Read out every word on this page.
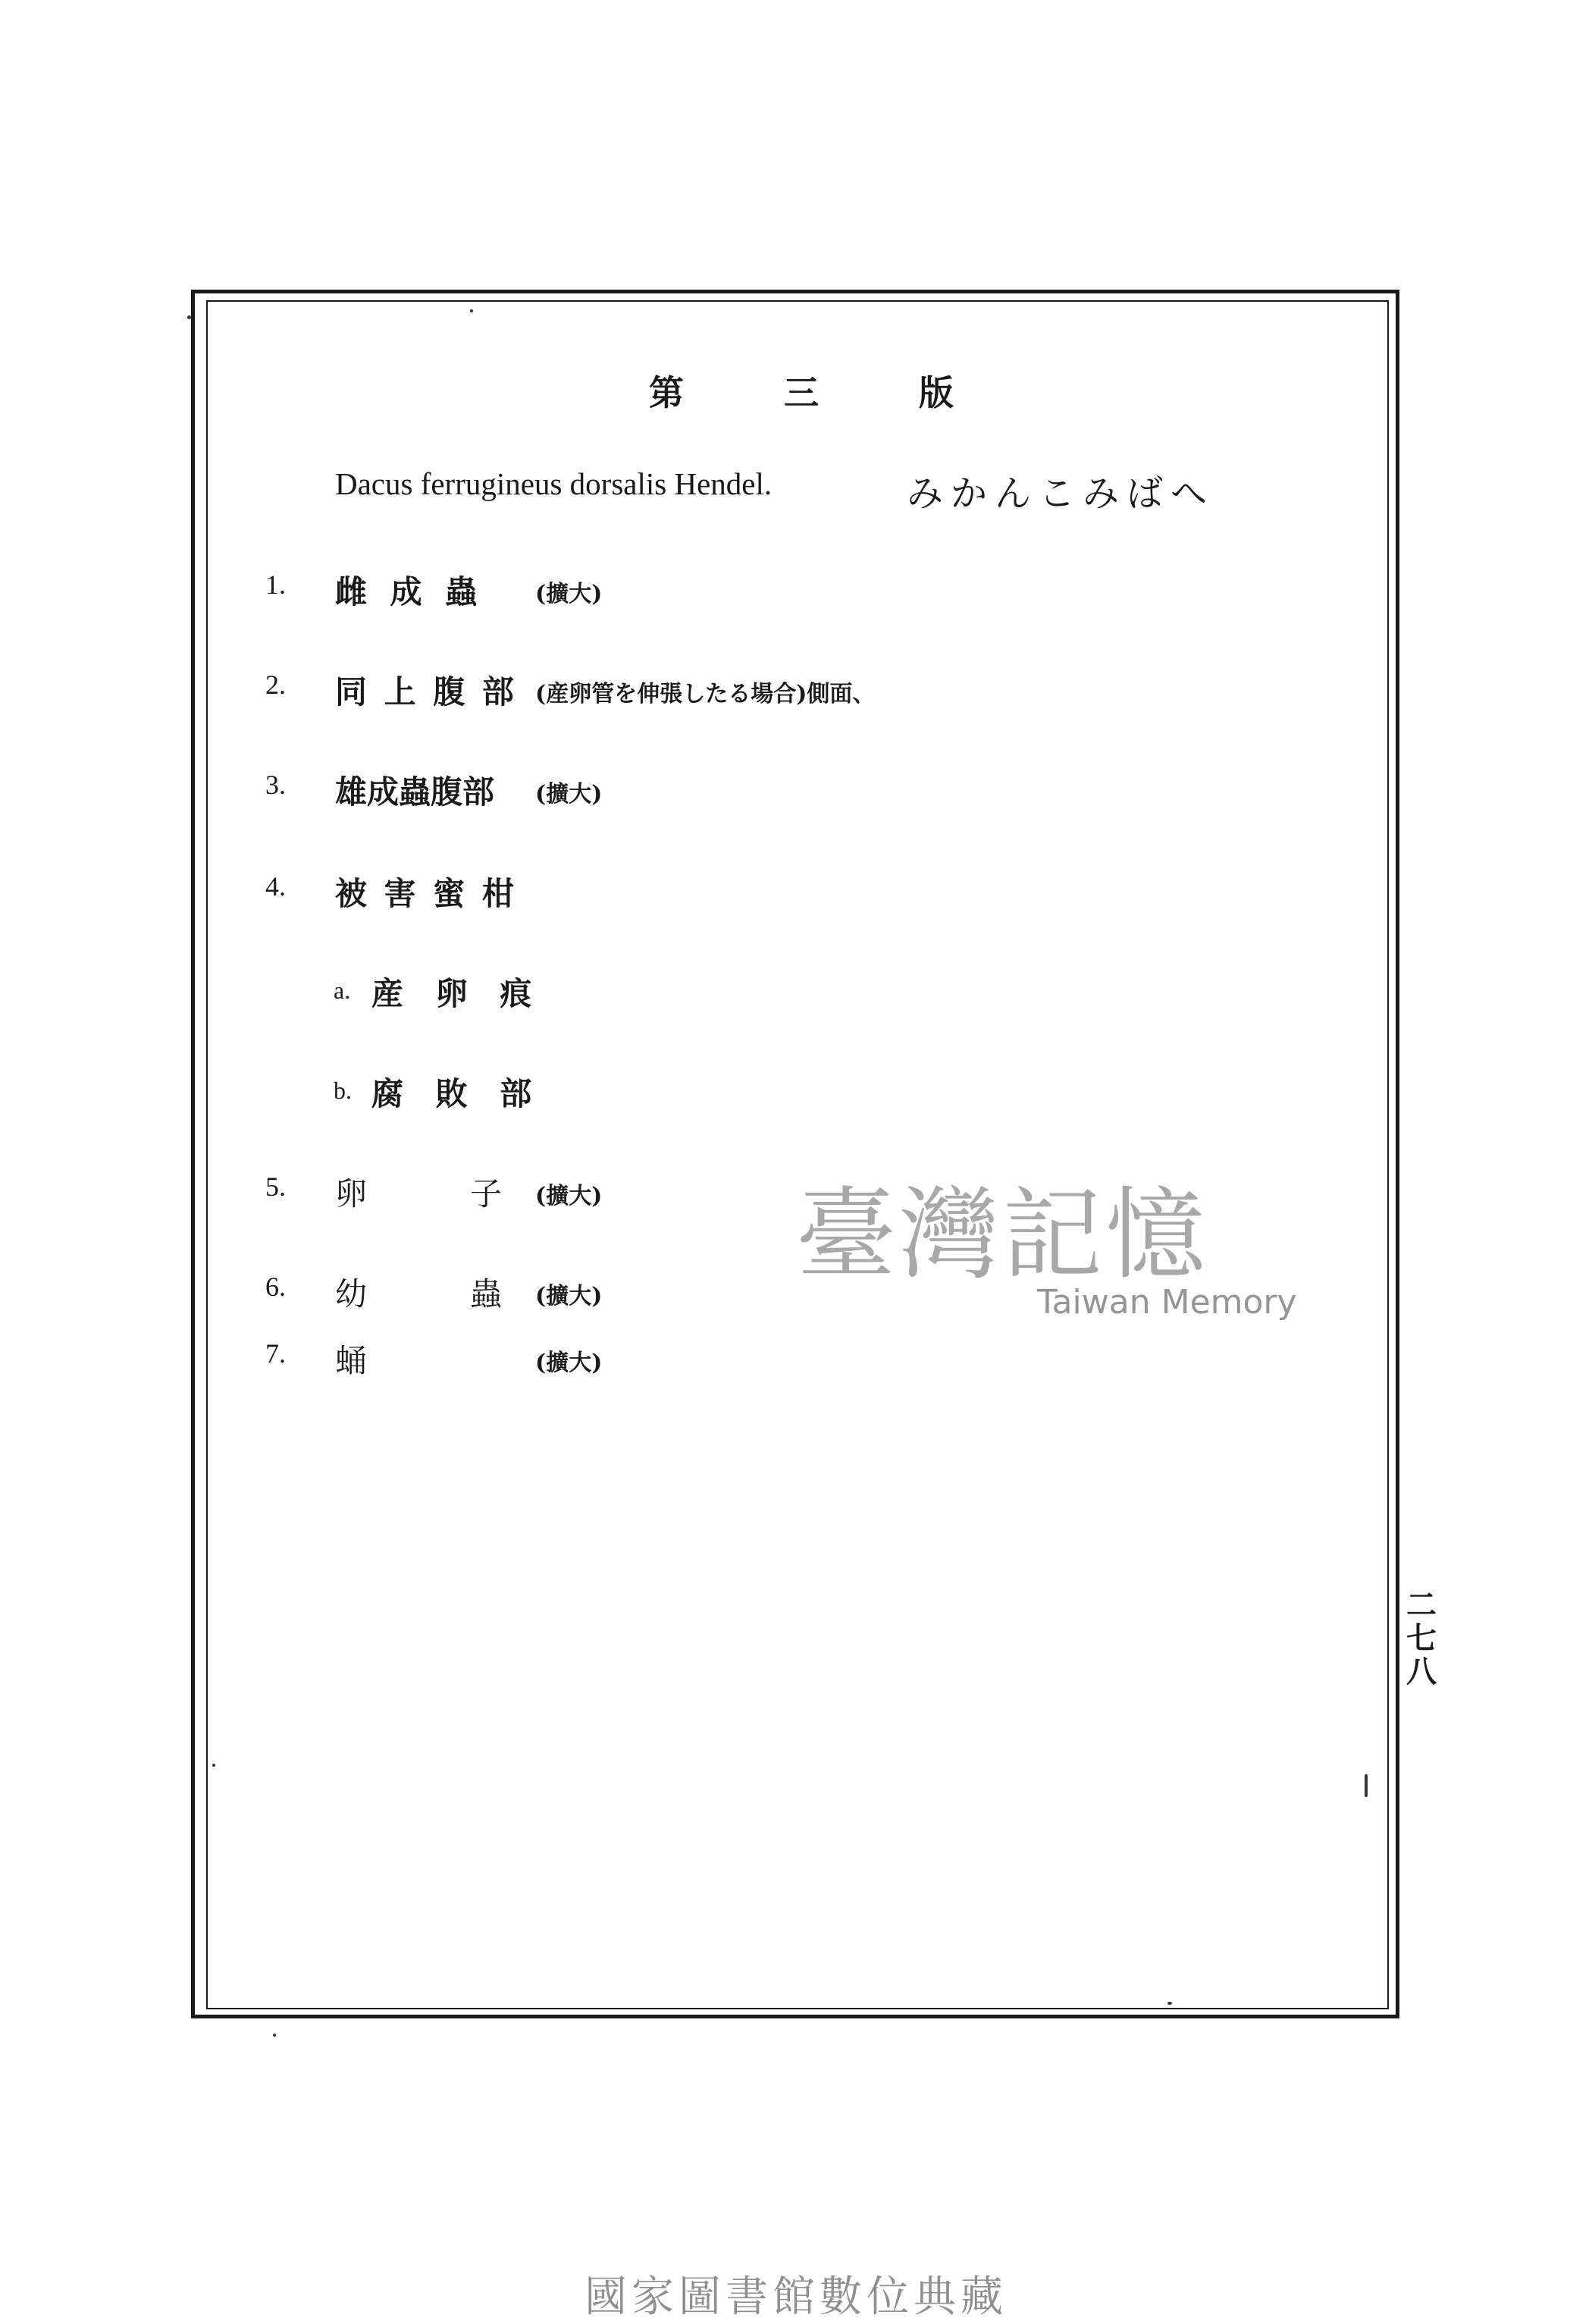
第	三	版
Dacus ferrugineus dorsalis Hendel.	みかんこみばへ
1. 雌 成 蟲 (擴大)
2. 同 上 腹 部 (産卵管を伸張したる場合)側面、
3. 雄成蟲腹部 (擴大)
4. 被 害 蜜 柑
a. 産 卵 痕
b. 腐 敗 部
5. 卵	子 (擴大)
6. 幼	蟲 (擴大)
7. 蛹	(擴大)
二
七
八
臺灣記憶
Taiwan Memory
國家圖書館數位典藏
